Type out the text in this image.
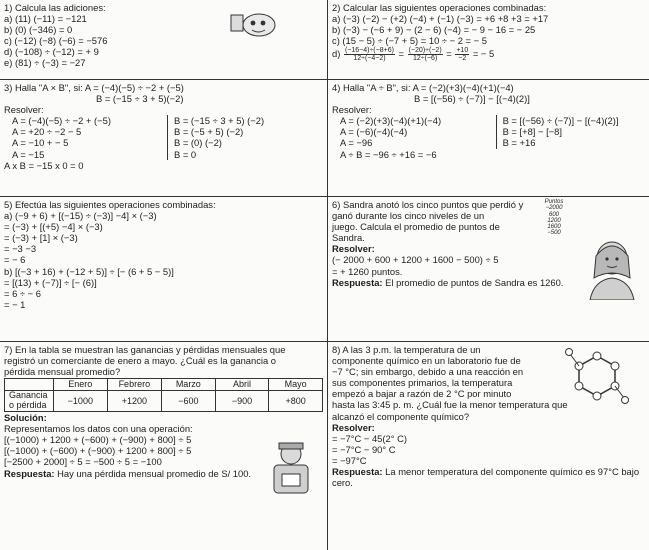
1) Calcula las adiciones:
a) (11) (−11) = −121
b) (0) (−346) = 0
c) (−12) (−8) (−6) = −576
d) (−108) ÷ (−12) = + 9
e) (81) ÷ (−3) = −27
2) Calcular las siguientes operaciones combinadas:
a) (−3) (−2) − (+2) (−4) + (−1) (−3) = +6 +8 +3 = +17
b) (−3) − (−6 + 9) − (2 − 6) (−4) = − 9 − 16 = − 25
c) (15 − 5) ÷ (−7 + 5) = 10 ÷ − 2 = − 5
$d) \frac{(-16-4)\div(-8+6)}{12\div(-4-2)} = \frac{(-20)\div(-2)}{12\div(-6)} = \frac{+10}{-2}$ = − 5
3) Halla "A × B", si: A = (−4)(−5) ÷ −2 + (−5)
B = (−15 ÷ 3 + 5)(−2)
Resolver:
A = (−4)(−5) ÷ −2 + (−5)
A = +20 ÷ −2 − 5
A = −10 + − 5
A = −15
B = (−15 ÷ 3 + 5) (−2)
B = (−5 + 5) (−2)
B = (0) (−2)
B = 0
A x B = −15 x 0 = 0
4) Halla "A ÷ B", si: A = (−2)(+3)(−4)(+1)(−4)
B = [(−56) ÷ (−7)] − [(−4)(2)]
Resolver:
A = (−2)(+3)(−4)(+1)(−4)
A = (−6)(−4)(−4)
A = −96
B = [(−56) ÷ (−7)] − [(−4)(2)]
B = [+8] − [−8]
B = +16
A ÷ B = −96 ÷ +16 = −6
5) Efectúa las siguientes operaciones combinadas:
a) (−9 + 6) + [(−15) ÷ (−3)] −4] × (−3)
= (−3) + [(+5) −4] × (−3)
= (−3) + [1] × (−3)
= −3 −3
= − 6
b) [(−3 + 16) + (−12 + 5)] ÷ [− (6 + 5 − 5)]
= [(13) + (−7)] ÷ [− (6)]
= 6 ÷ − 6
= − 1
6) Sandra anotó los cinco puntos que perdió y
ganó durante los cinco niveles de un
juego. Calcula el promedio de puntos de
Sandra.
Resolver:
(− 2000 + 600 + 1200 + 1600 − 500) ÷ 5
= + 1260 puntos.
Respuesta: El promedio de puntos de Sandra es 1260.
Puntos
−2000
600
1200
1600
−500
7) En la tabla se muestran las ganancias y pérdidas mensuales que
registró un comerciante de enero a mayo. ¿Cuál es la ganancia o
pérdida mensual promedio?
	Enero	Febrero	Marzo	Abril	Mayo
Ganancia o pérdida	−1000	+1200	−600	−900	+800
Solución:
Representamos los datos con una operación:
[(−1000) + 1200 + (−600) + (−900) + 800] ÷ 5
[(−1000) + (−600) + (−900) + 1200 + 800] ÷ 5
[−2500 + 2000] ÷ 5 = −500 ÷ 5 = −100
Respuesta: Hay una pérdida mensual promedio de S/ 100.
8) A las 3 p.m. la temperatura de un
componente químico en un laboratorio fue de
−7 °C; sin embargo, debido a una reacción en
sus componentes primarios, la temperatura
empezó a bajar a razón de 2 °C por minuto
hasta las 3:45 p. m. ¿Cuál fue la menor temperatura que
alcanzó el componente químico?
Resolver:
= −7°C − 45(2° C)
= −7°C − 90° C
= −97°C
Respuesta: La menor temperatura del componente químico es 97°C bajo cero.
